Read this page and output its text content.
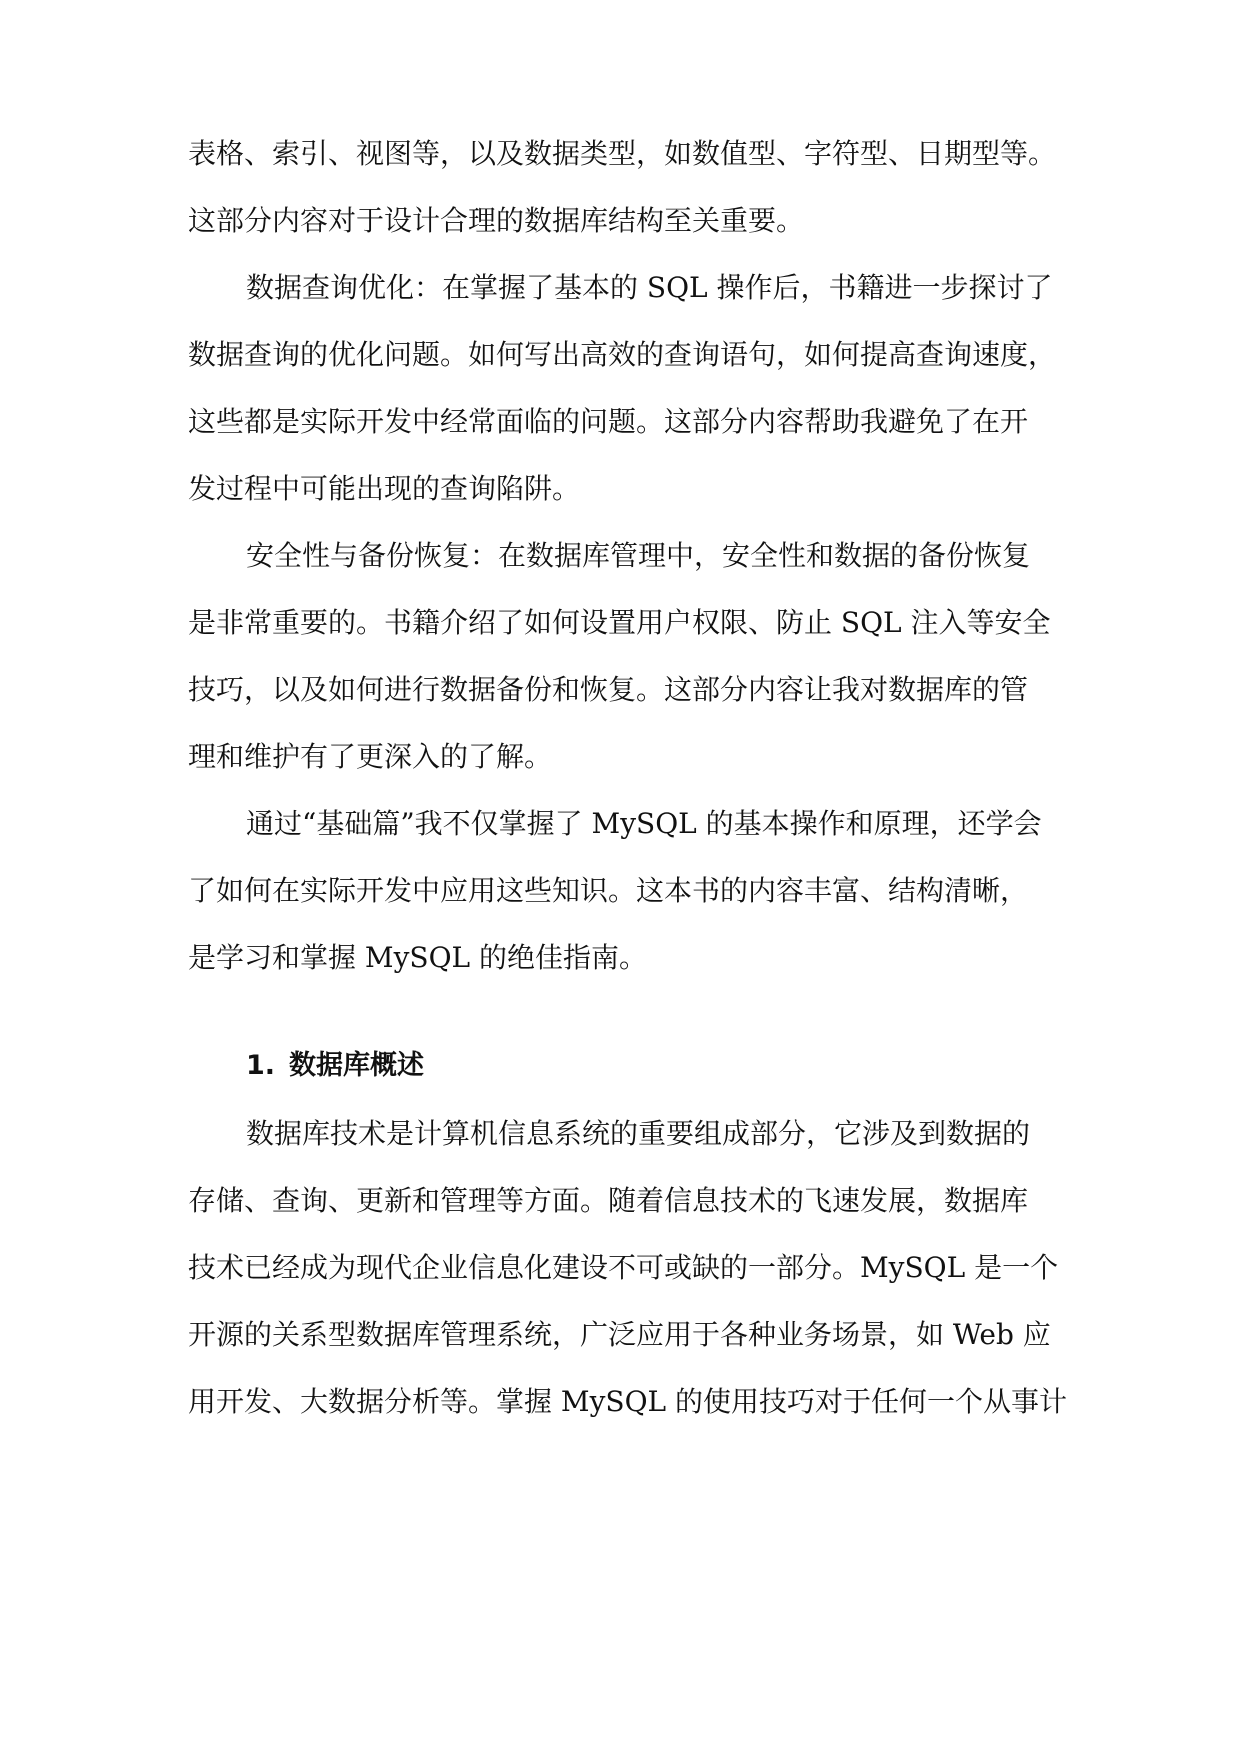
表格、索引、视图等，以及数据类型，如数值型、字符型、日期型等。
这部分内容对于设计合理的数据库结构至关重要。
数据查询优化：在掌握了基本的 SQL 操作后，书籍进一步探讨了
数据查询的优化问题。如何写出高效的查询语句，如何提高查询速度，
这些都是实际开发中经常面临的问题。这部分内容帮助我避免了在开
发过程中可能出现的查询陷阱。
安全性与备份恢复：在数据库管理中，安全性和数据的备份恢复
是非常重要的。书籍介绍了如何设置用户权限、防止 SQL 注入等安全
技巧，以及如何进行数据备份和恢复。这部分内容让我对数据库的管
理和维护有了更深入的了解。
通过“基础篇”我不仅掌握了 MySQL 的基本操作和原理，还学会
了如何在实际开发中应用这些知识。这本书的内容丰富、结构清晰，
是学习和掌握 MySQL 的绝佳指南。
1. 数据库概述
数据库技术是计算机信息系统的重要组成部分，它涉及到数据的
存储、查询、更新和管理等方面。随着信息技术的飞速发展，数据库
技术已经成为现代企业信息化建设不可或缺的一部分。MySQL 是一个
开源的关系型数据库管理系统，广泛应用于各种业务场景，如 Web 应
用开发、大数据分析等。掌握 MySQL 的使用技巧对于任何一个从事计
